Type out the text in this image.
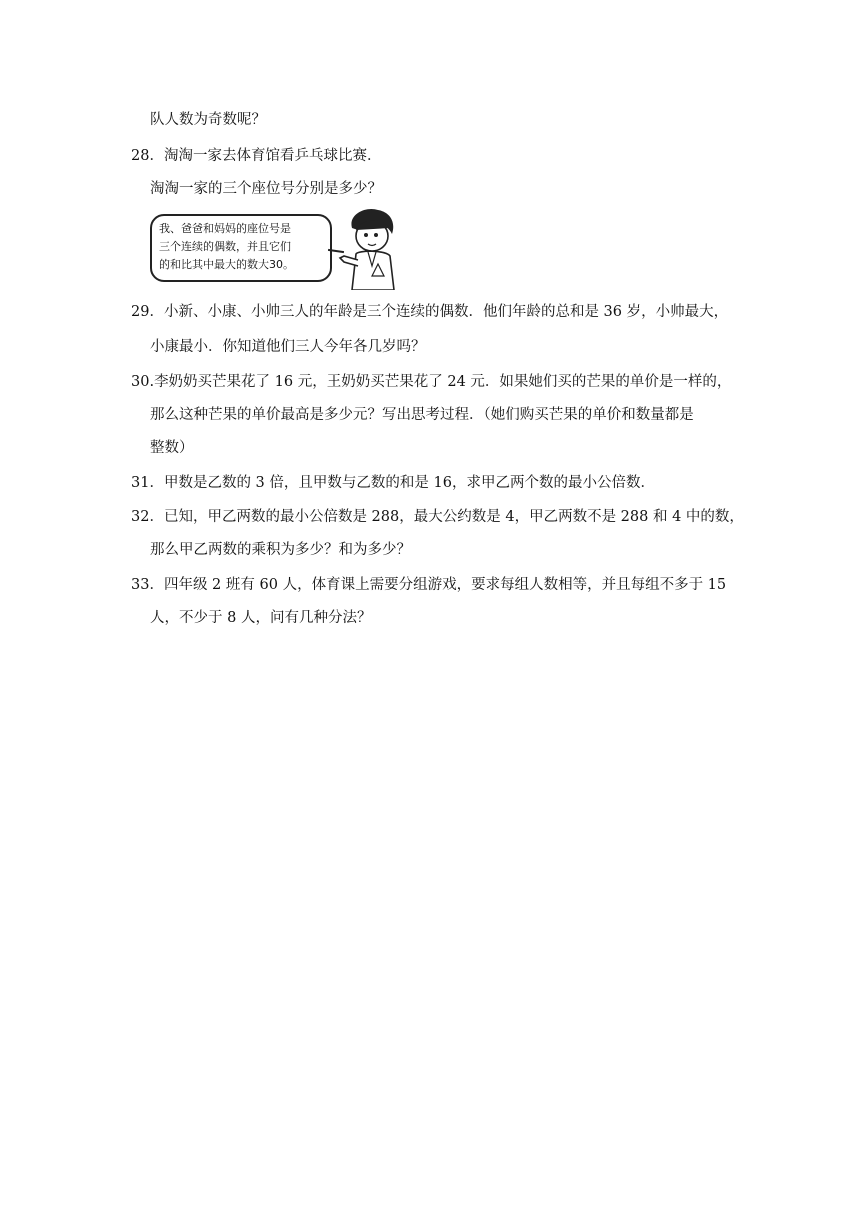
队人数为奇数呢？
28．淘淘一家去体育馆看乒乓球比赛．
淘淘一家的三个座位号分别是多少？
我、爸爸和妈妈的座位号是
三个连续的偶数，并且它们
的和比其中最大的数大30。
29．小新、小康、小帅三人的年龄是三个连续的偶数．他们年龄的总和是 36 岁，小帅最大，
小康最小．你知道他们三人今年各几岁吗？
30.李奶奶买芒果花了 16 元，王奶奶买芒果花了 24 元．如果她们买的芒果的单价是一样的，
那么这种芒果的单价最高是多少元？写出思考过程．（她们购买芒果的单价和数量都是
整数）
31．甲数是乙数的 3 倍，且甲数与乙数的和是 16，求甲乙两个数的最小公倍数．
32．已知，甲乙两数的最小公倍数是 288，最大公约数是 4，甲乙两数不是 288 和 4 中的数，
那么甲乙两数的乘积为多少？和为多少？
33．四年级 2 班有 60 人，体育课上需要分组游戏，要求每组人数相等，并且每组不多于 15
人，不少于 8 人，问有几种分法？
